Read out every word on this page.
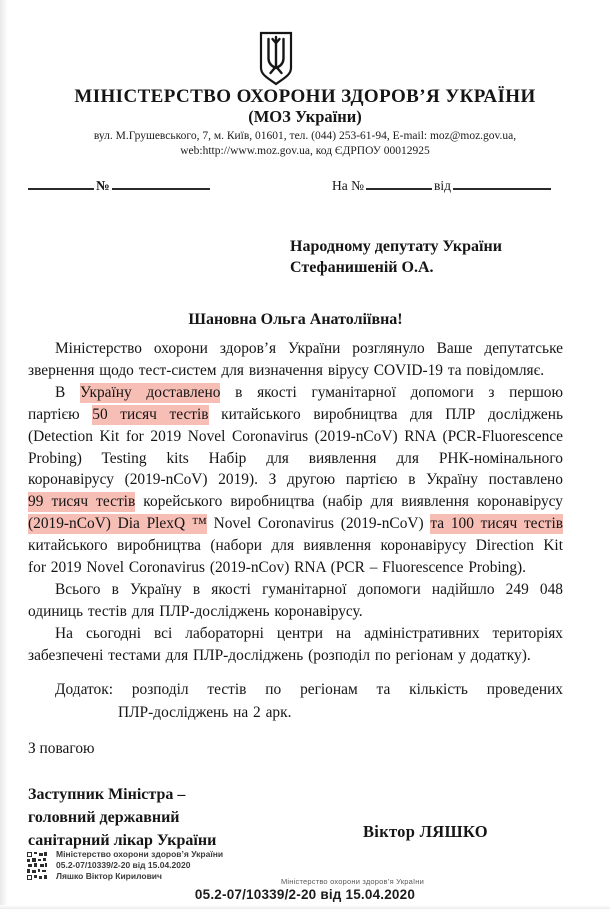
МІНІСТЕРСТВО ОХОРОНИ ЗДОРОВ’Я УКРАЇНИ
(МОЗ України)
вул. М.Грушевського, 7, м. Київ, 01601, тел. (044) 253-61-94, E-mail: moz@moz.gov.ua,
web:http://www.moz.gov.ua, код ЄДРПОУ 00012925
№	На №	від
Народному депутату України
Стефанишеній О.А.
Шановна Ольга Анатоліївна!
Міністерство охорони здоров’я України розглянуло Ваше депутатське
звернення щодо тест-систем для визначення вірусу COVID-19 та повідомляє.
В Україну доставлено в якості гуманітарної допомоги з першою
партією 50 тисяч тестів китайського виробництва для ПЛР досліджень
(Detection Kit for 2019 Novel Coronavirus (2019-nCoV) RNA (PCR-Fluorescence
Probing) Testing kits Набір для виявлення для РНК-номінального
коронавірусу (2019-nCoV) 2019). З другою партією в Україну поставлено
99 тисяч тестів корейського виробництва (набір для виявлення коронавірусу
(2019-nCoV) Dia PlexQ ™ Novel Coronavirus (2019-nCoV) та 100 тисяч тестів
китайського виробництва (набори для виявлення коронавірусу Direction Kit
for 2019 Novel Coronavirus (2019-nCov) RNA (PCR – Fluorescence Probing).
Всього в Україну в якості гуманітарної допомоги надійшло 249 048
одиниць тестів для ПЛР-досліджень коронавірусу.
На сьогодні всі лабораторні центри на адміністративних територіях
забезпечені тестами для ПЛР-досліджень (розподіл по регіонам у додатку).
Додаток: розподіл тестів по регіонам та кількість проведених
ПЛР-досліджень на 2 арк.
З повагою
Заступник Міністра –
головний державний
санітарний лікар України	Віктор ЛЯШКО
Міністерство охорони здоров’я України
05.2-07/10339/2-20 від 15.04.2020
Ляшко Віктор Кирилович
Міністерство охорони здоров’я України
05.2-07/10339/2-20 від 15.04.2020
